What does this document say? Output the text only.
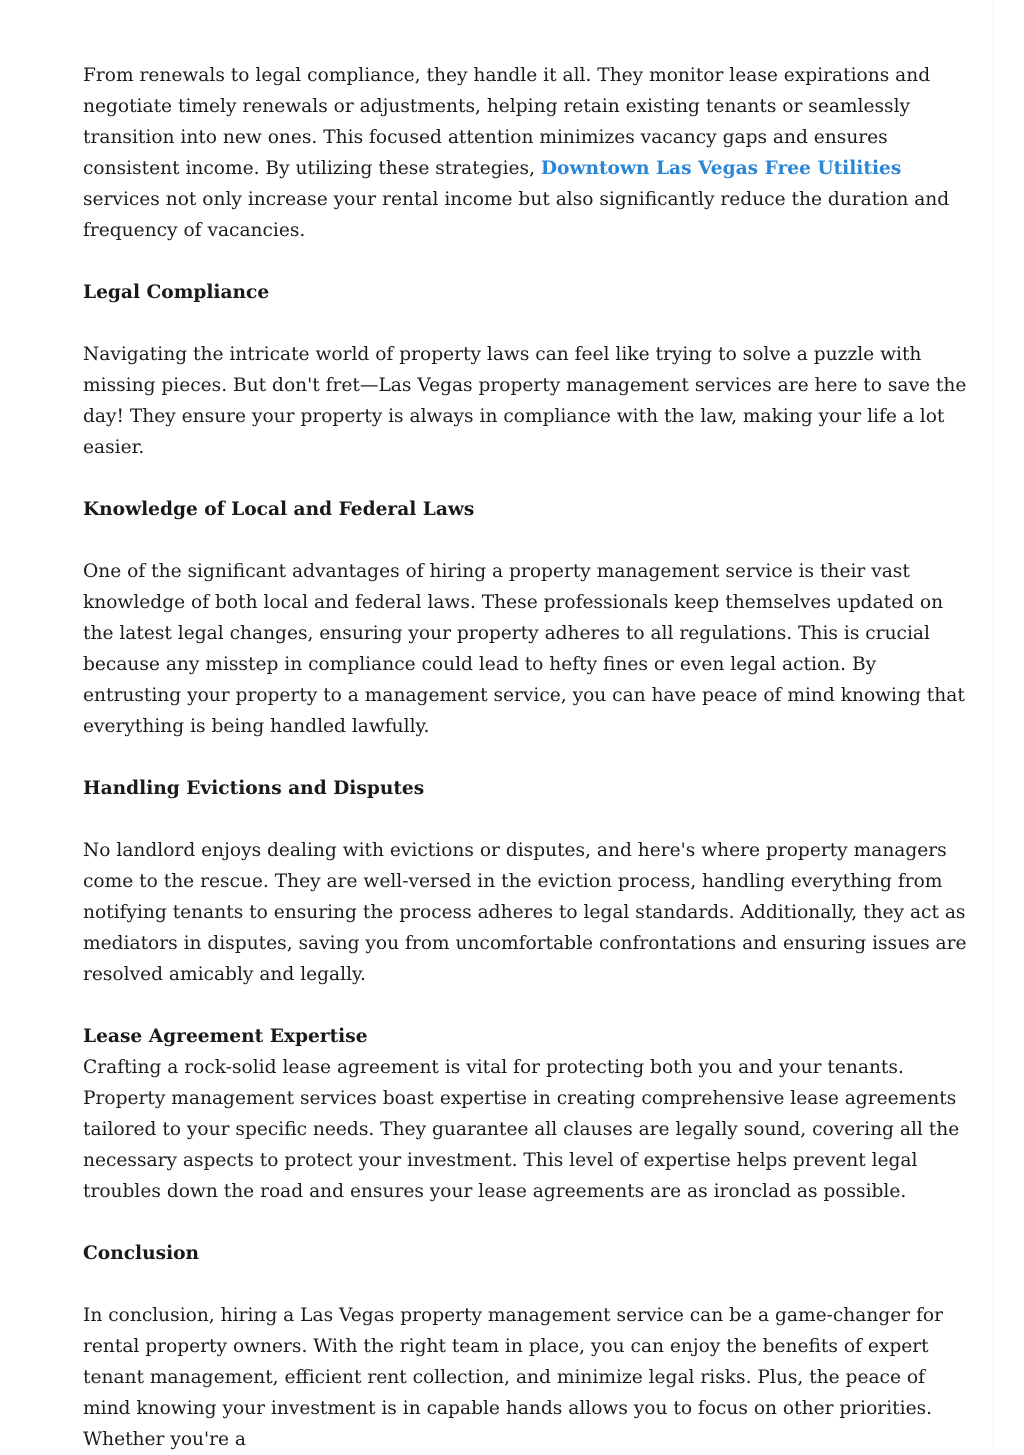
From renewals to legal compliance, they handle it all. They monitor lease expirations and negotiate timely renewals or adjustments, helping retain existing tenants or seamlessly transition into new ones. This focused attention minimizes vacancy gaps and ensures consistent income. By utilizing these strategies, Downtown Las Vegas Free Utilities services not only increase your rental income but also significantly reduce the duration and frequency of vacancies.

Legal Compliance

Navigating the intricate world of property laws can feel like trying to solve a puzzle with missing pieces. But don't fret—Las Vegas property management services are here to save the day! They ensure your property is always in compliance with the law, making your life a lot easier.

Knowledge of Local and Federal Laws

One of the significant advantages of hiring a property management service is their vast knowledge of both local and federal laws. These professionals keep themselves updated on the latest legal changes, ensuring your property adheres to all regulations. This is crucial because any misstep in compliance could lead to hefty fines or even legal action. By entrusting your property to a management service, you can have peace of mind knowing that everything is being handled lawfully.

Handling Evictions and Disputes

No landlord enjoys dealing with evictions or disputes, and here's where property managers come to the rescue. They are well-versed in the eviction process, handling everything from notifying tenants to ensuring the process adheres to legal standards. Additionally, they act as mediators in disputes, saving you from uncomfortable confrontations and ensuring issues are resolved amicably and legally.

Lease Agreement Expertise

Crafting a rock-solid lease agreement is vital for protecting both you and your tenants. Property management services boast expertise in creating comprehensive lease agreements tailored to your specific needs. They guarantee all clauses are legally sound, covering all the necessary aspects to protect your investment. This level of expertise helps prevent legal troubles down the road and ensures your lease agreements are as ironclad as possible.

Conclusion

In conclusion, hiring a Las Vegas property management service can be a game-changer for rental property owners. With the right team in place, you can enjoy the benefits of expert tenant management, efficient rent collection, and minimize legal risks. Plus, the peace of mind knowing your investment is in capable hands allows you to focus on other priorities. Whether you're a
